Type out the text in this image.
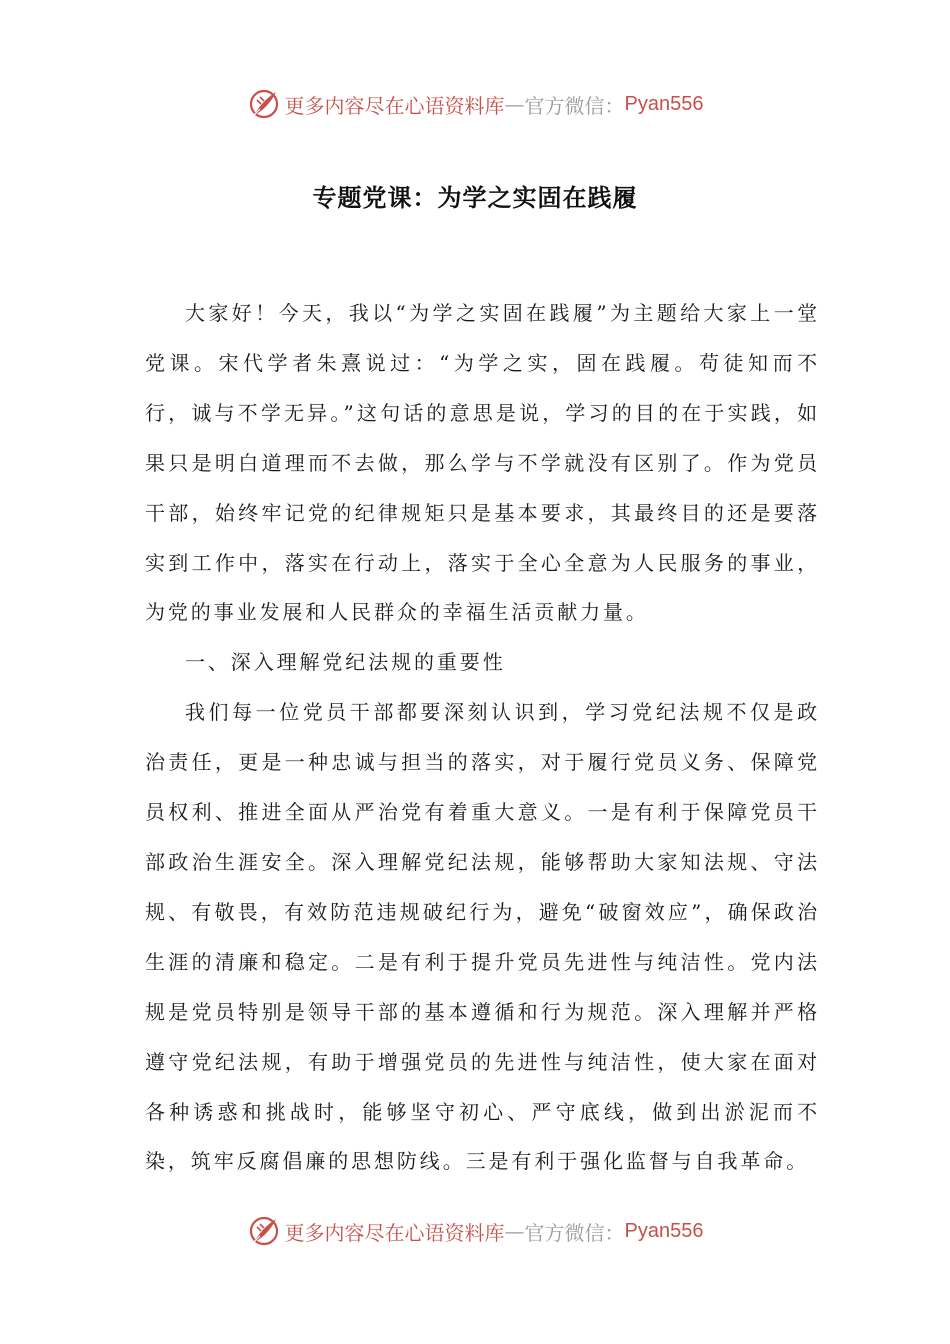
更多内容尽在心语资料库 — 官方微信： Pyan556
专题党课：为学之实固在践履

大家好！今天，我以“为学之实固在践履”为主题给大家上一堂党课。宋代学者朱熹说过：“为学之实，固在践履。苟徒知而不行，诚与不学无异。”这句话的意思是说，学习的目的在于实践，如果只是明白道理而不去做，那么学与不学就没有区别了。作为党员干部，始终牢记党的纪律规矩只是基本要求，其最终目的还是要落实到工作中，落实在行动上，落实于全心全意为人民服务的事业，为党的事业发展和人民群众的幸福生活贡献力量。

一、深入理解党纪法规的重要性

我们每一位党员干部都要深刻认识到，学习党纪法规不仅是政治责任，更是一种忠诚与担当的落实，对于履行党员义务、保障党员权利、推进全面从严治党有着重大意义。一是有利于保障党员干部政治生涯安全。深入理解党纪法规，能够帮助大家知法规、守法规、有敬畏，有效防范违规破纪行为，避免“破窗效应”，确保政治生涯的清廉和稳定。二是有利于提升党员先进性与纯洁性。党内法规是党员特别是领导干部的基本遵循和行为规范。深入理解并严格遵守党纪法规，有助于增强党员的先进性与纯洁性，使大家在面对各种诱惑和挑战时，能够坚守初心、严守底线，做到出淤泥而不染，筑牢反腐倡廉的思想防线。三是有利于强化监督与自我革命。

更多内容尽在心语资料库 — 官方微信： Pyan556
